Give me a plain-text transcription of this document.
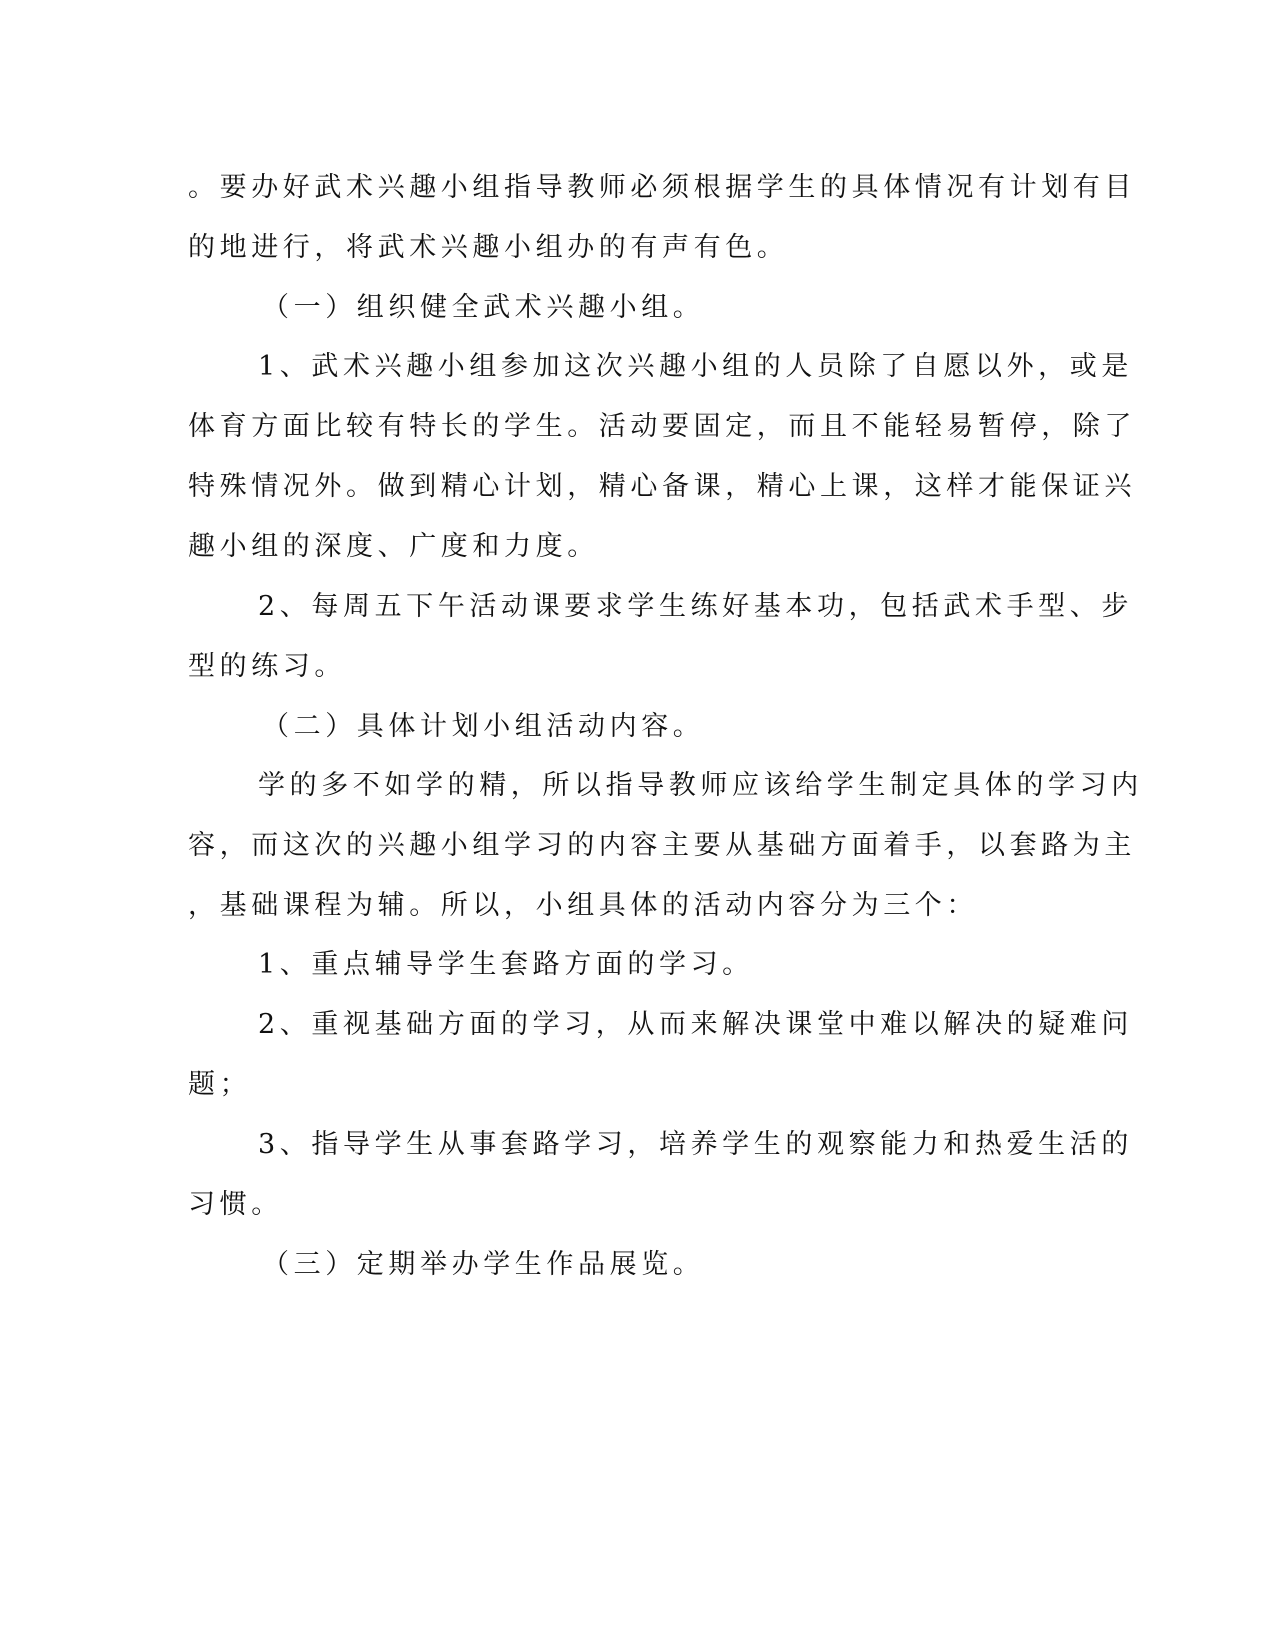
。要办好武术兴趣小组指导教师必须根据学生的具体情况有计划有目
的地进行，将武术兴趣小组办的有声有色。
（一）组织健全武术兴趣小组。
1、武术兴趣小组参加这次兴趣小组的人员除了自愿以外，或是
体育方面比较有特长的学生。活动要固定，而且不能轻易暂停，除了
特殊情况外。做到精心计划，精心备课，精心上课，这样才能保证兴
趣小组的深度、广度和力度。
2、每周五下午活动课要求学生练好基本功，包括武术手型、步
型的练习。
（二）具体计划小组活动内容。
学的多不如学的精，所以指导教师应该给学生制定具体的学习内
容，而这次的兴趣小组学习的内容主要从基础方面着手，以套路为主
，基础课程为辅。所以，小组具体的活动内容分为三个：
1、重点辅导学生套路方面的学习。
2、重视基础方面的学习，从而来解决课堂中难以解决的疑难问
题；
3、指导学生从事套路学习，培养学生的观察能力和热爱生活的
习惯。
（三）定期举办学生作品展览。
